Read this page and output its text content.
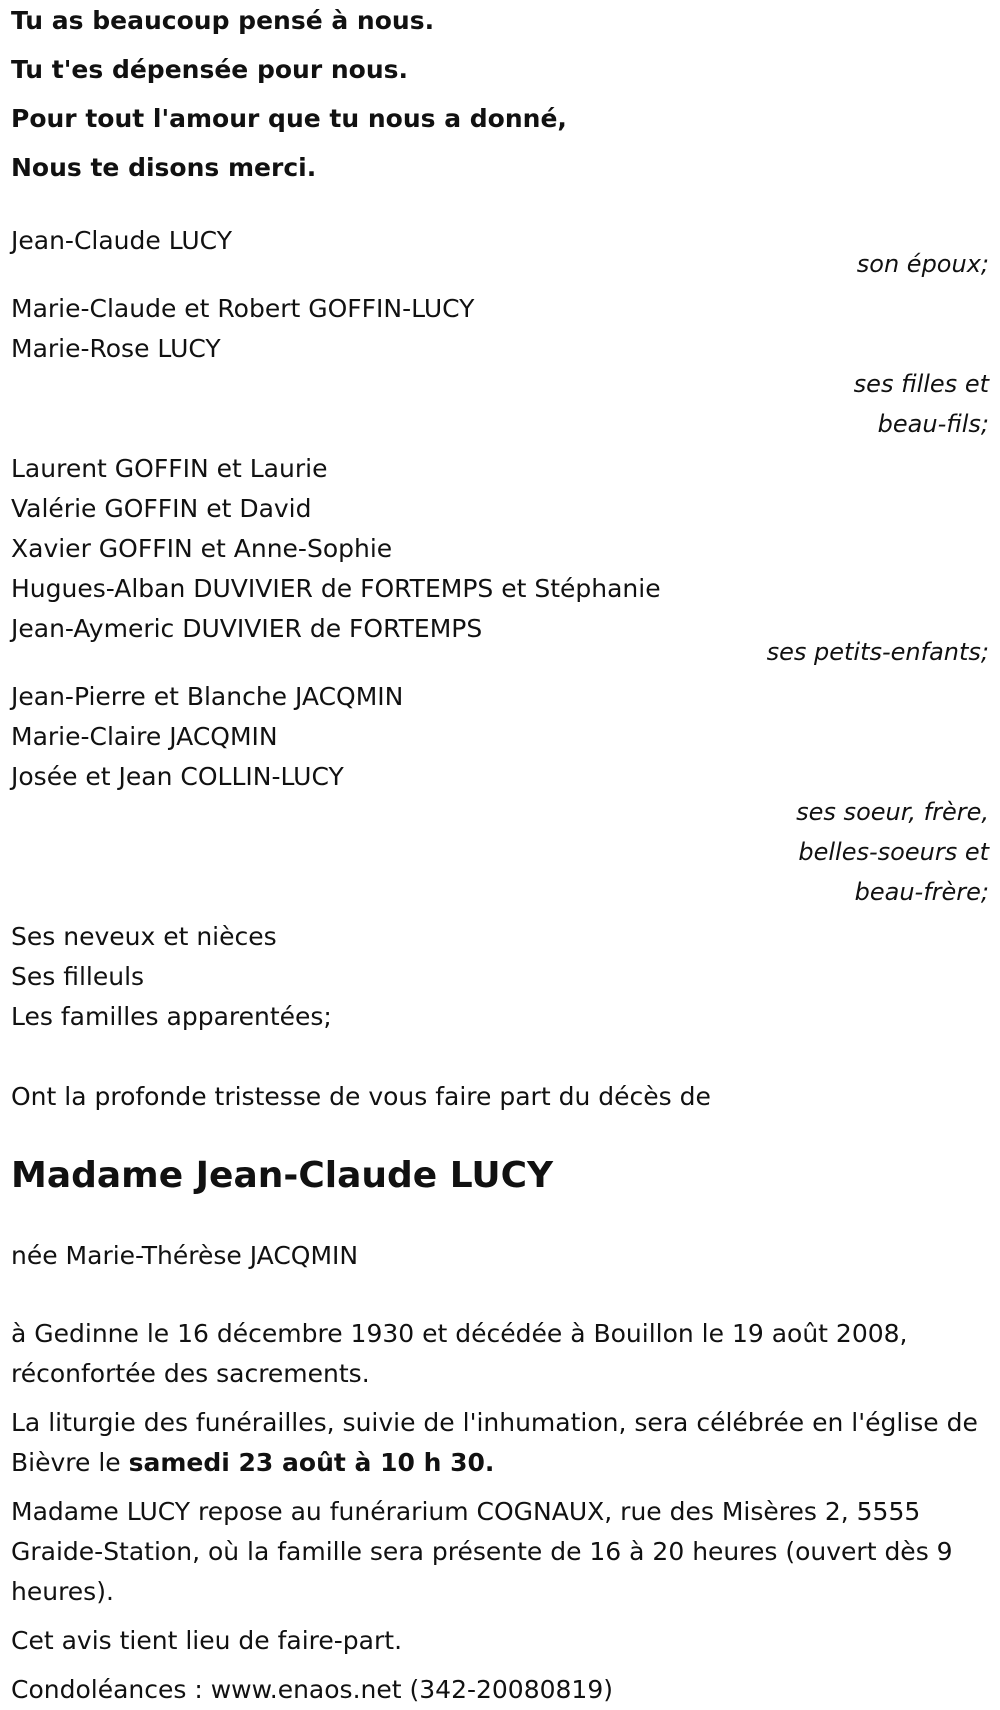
Tu as beaucoup pensé à nous.
Tu t'es dépensée pour nous.
Pour tout l'amour que tu nous a donné,
Nous te disons merci.
Jean-Claude LUCY
son époux;
Marie-Claude et Robert GOFFIN-LUCY
Marie-Rose LUCY
ses filles et
beau-fils;
Laurent GOFFIN et Laurie
Valérie GOFFIN et David
Xavier GOFFIN et Anne-Sophie
Hugues-Alban DUVIVIER de FORTEMPS et Stéphanie
Jean-Aymeric DUVIVIER de FORTEMPS
ses petits-enfants;
Jean-Pierre et Blanche JACQMIN
Marie-Claire JACQMIN
Josée et Jean COLLIN-LUCY
ses soeur, frère,
belles-soeurs et
beau-frère;
Ses neveux et nièces
Ses filleuls
Les familles apparentées;
Ont la profonde tristesse de vous faire part du décès de
Madame Jean-Claude LUCY
née Marie-Thérèse JACQMIN
à Gedinne le 16 décembre 1930 et décédée à Bouillon le 19 août 2008, réconfortée des sacrements.
La liturgie des funérailles, suivie de l'inhumation, sera célébrée en l'église de Bièvre le samedi 23 août à 10 h 30.
Madame LUCY repose au funérarium COGNAUX, rue des Misères 2, 5555 Graide-Station, où la famille sera présente de 16 à 20 heures (ouvert dès 9 heures).
Cet avis tient lieu de faire-part.
Condoléances : www.enaos.net (342-20080819)
